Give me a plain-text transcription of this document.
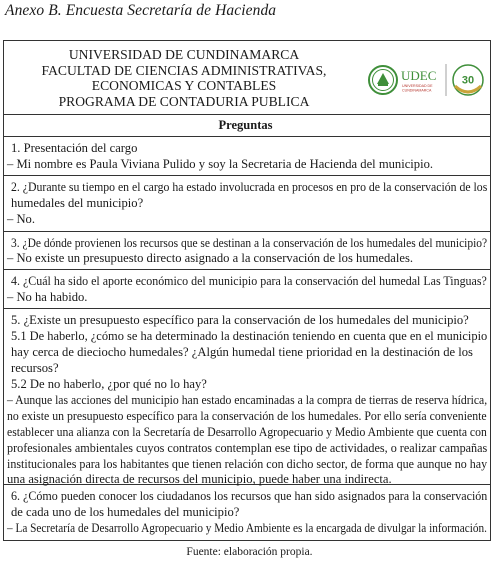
Anexo B. Encuesta Secretaría de Hacienda
UNIVERSIDAD DE CUNDINAMARCA
FACULTAD DE CIENCIAS ADMINISTRATIVAS,
ECONOMICAS Y CONTABLES
PROGRAMA DE CONTADURIA PUBLICA
UDEC
UNIVERSIDAD DE
CUNDINAMARCA
30
Preguntas
1. Presentación del cargo
– Mi nombre es Paula Viviana Pulido y soy la Secretaria de Hacienda del municipio.
2. ¿Durante su tiempo en el cargo ha estado involucrada en procesos en pro de la conservación de los
humedales del municipio?
– No.
3. ¿De dónde provienen los recursos que se destinan a la conservación de los humedales del municipio?
– No existe un presupuesto directo asignado a la conservación de los humedales.
4. ¿Cuál ha sido el aporte económico del municipio para la conservación del humedal Las Tinguas?
– No ha habido.
5. ¿Existe un presupuesto específico para la conservación de los humedales del municipio?
5.1 De haberlo, ¿cómo se ha determinado la destinación teniendo en cuenta que en el municipio
hay cerca de dieciocho humedales? ¿Algún humedal tiene prioridad en la destinación de los
recursos?
5.2 De no haberlo, ¿por qué no lo hay?
– Aunque las acciones del municipio han estado encaminadas a la compra de tierras de reserva hídrica,
no existe un presupuesto específico para la conservación de los humedales. Por ello sería conveniente
establecer una alianza con la Secretaría de Desarrollo Agropecuario y Medio Ambiente que cuenta con
profesionales ambientales cuyos contratos contemplan ese tipo de actividades, o realizar campañas
institucionales para los habitantes que tienen relación con dicho sector, de forma que aunque no hay
una asignación directa de recursos del municipio, puede haber una indirecta.
6. ¿Cómo pueden conocer los ciudadanos los recursos que han sido asignados para la conservación
de cada uno de los humedales del municipio?
– La Secretaría de Desarrollo Agropecuario y Medio Ambiente es la encargada de divulgar la información.
Fuente: elaboración propia.
